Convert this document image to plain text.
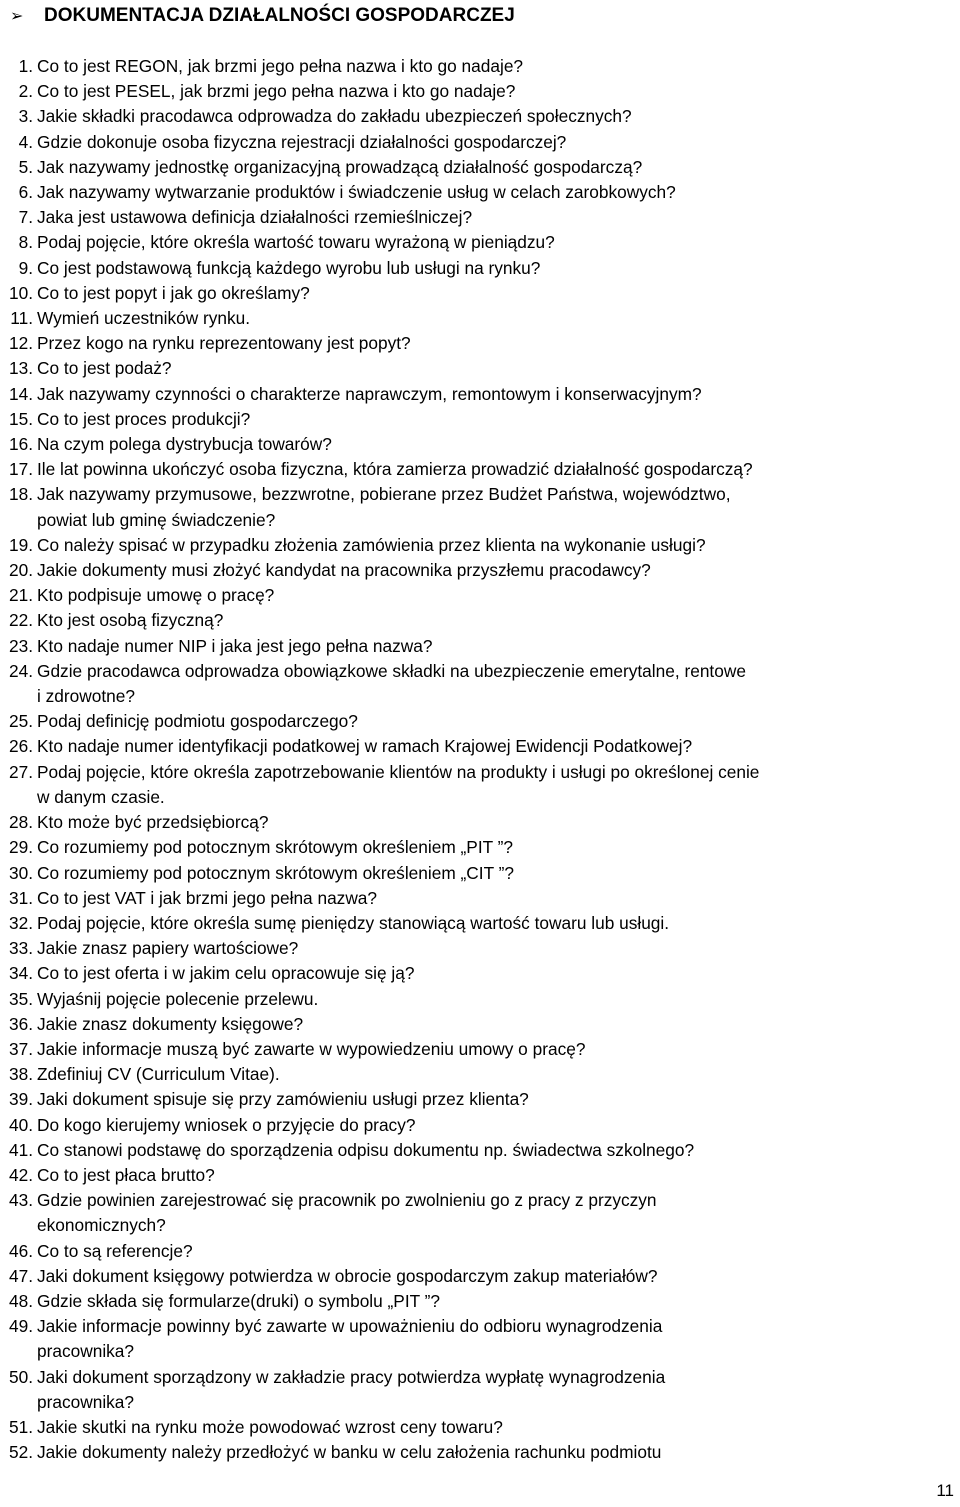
➢ DOKUMENTACJA DZIAŁALNOŚCI GOSPODARCZEJ
1. Co to jest REGON, jak brzmi jego pełna nazwa i kto go nadaje?
2. Co to jest PESEL, jak brzmi jego pełna nazwa i kto go nadaje?
3. Jakie składki pracodawca odprowadza do zakładu ubezpieczeń społecznych?
4. Gdzie dokonuje osoba fizyczna rejestracji działalności gospodarczej?
5. Jak nazywamy jednostkę organizacyjną prowadzącą działalność gospodarczą?
6. Jak nazywamy wytwarzanie produktów i świadczenie usług w celach zarobkowych?
7. Jaka jest ustawowa definicja działalności rzemieślniczej?
8. Podaj pojęcie, które określa wartość towaru wyrażoną w pieniądzu?
9. Co jest podstawową funkcją każdego wyrobu lub usługi na rynku?
10. Co to jest popyt i jak go określamy?
11. Wymień uczestników rynku.
12. Przez kogo na rynku reprezentowany jest popyt?
13. Co to jest podaż?
14. Jak nazywamy czynności o charakterze naprawczym, remontowym i konserwacyjnym?
15. Co to jest proces produkcji?
16. Na czym polega dystrybucja towarów?
17. Ile lat powinna ukończyć osoba fizyczna, która zamierza prowadzić działalność gospodarczą?
18. Jak nazywamy przymusowe, bezzwrotne, pobierane przez Budżet Państwa, województwo,
powiat lub gminę świadczenie?
19. Co należy spisać w przypadku złożenia zamówienia przez klienta na wykonanie usługi?
20. Jakie dokumenty musi złożyć kandydat na pracownika przyszłemu pracodawcy?
21. Kto podpisuje umowę o pracę?
22. Kto jest osobą fizyczną?
23. Kto nadaje numer NIP i jaka jest jego pełna nazwa?
24. Gdzie pracodawca odprowadza obowiązkowe składki na ubezpieczenie emerytalne, rentowe
i zdrowotne?
25. Podaj definicję podmiotu gospodarczego?
26. Kto nadaje numer identyfikacji podatkowej w ramach Krajowej Ewidencji Podatkowej?
27. Podaj pojęcie, które określa zapotrzebowanie klientów na produkty i usługi po określonej cenie
w danym czasie.
28. Kto może być przedsiębiorcą?
29. Co rozumiemy pod potocznym skrótowym określeniem „PIT ”?
30. Co rozumiemy pod potocznym skrótowym określeniem „CIT ”?
31. Co to jest VAT i jak brzmi jego pełna nazwa?
32. Podaj pojęcie, które określa sumę pieniędzy stanowiącą wartość towaru lub usługi.
33. Jakie znasz papiery wartościowe?
34. Co to jest oferta i w jakim celu opracowuje się ją?
35. Wyjaśnij pojęcie polecenie przelewu.
36. Jakie znasz dokumenty księgowe?
37. Jakie informacje muszą być zawarte w wypowiedzeniu umowy o pracę?
38. Zdefiniuj CV (Curriculum Vitae).
39. Jaki dokument spisuje się przy zamówieniu usługi przez klienta?
40. Do kogo kierujemy wniosek o przyjęcie do pracy?
41. Co stanowi podstawę do sporządzenia odpisu dokumentu np. świadectwa szkolnego?
42. Co to jest płaca brutto?
43. Gdzie powinien zarejestrować się pracownik po zwolnieniu go z pracy z przyczyn
ekonomicznych?
46. Co to są referencje?
47. Jaki dokument księgowy potwierdza w obrocie gospodarczym zakup materiałów?
48. Gdzie składa się formularze(druki) o symbolu „PIT ”?
49. Jakie informacje powinny być zawarte w upoważnieniu do odbioru wynagrodzenia
pracownika?
50. Jaki dokument sporządzony w zakładzie pracy potwierdza wypłatę wynagrodzenia
pracownika?
51. Jakie skutki na rynku może powodować wzrost ceny towaru?
52. Jakie dokumenty należy przedłożyć w banku w celu założenia rachunku podmiotu
11
